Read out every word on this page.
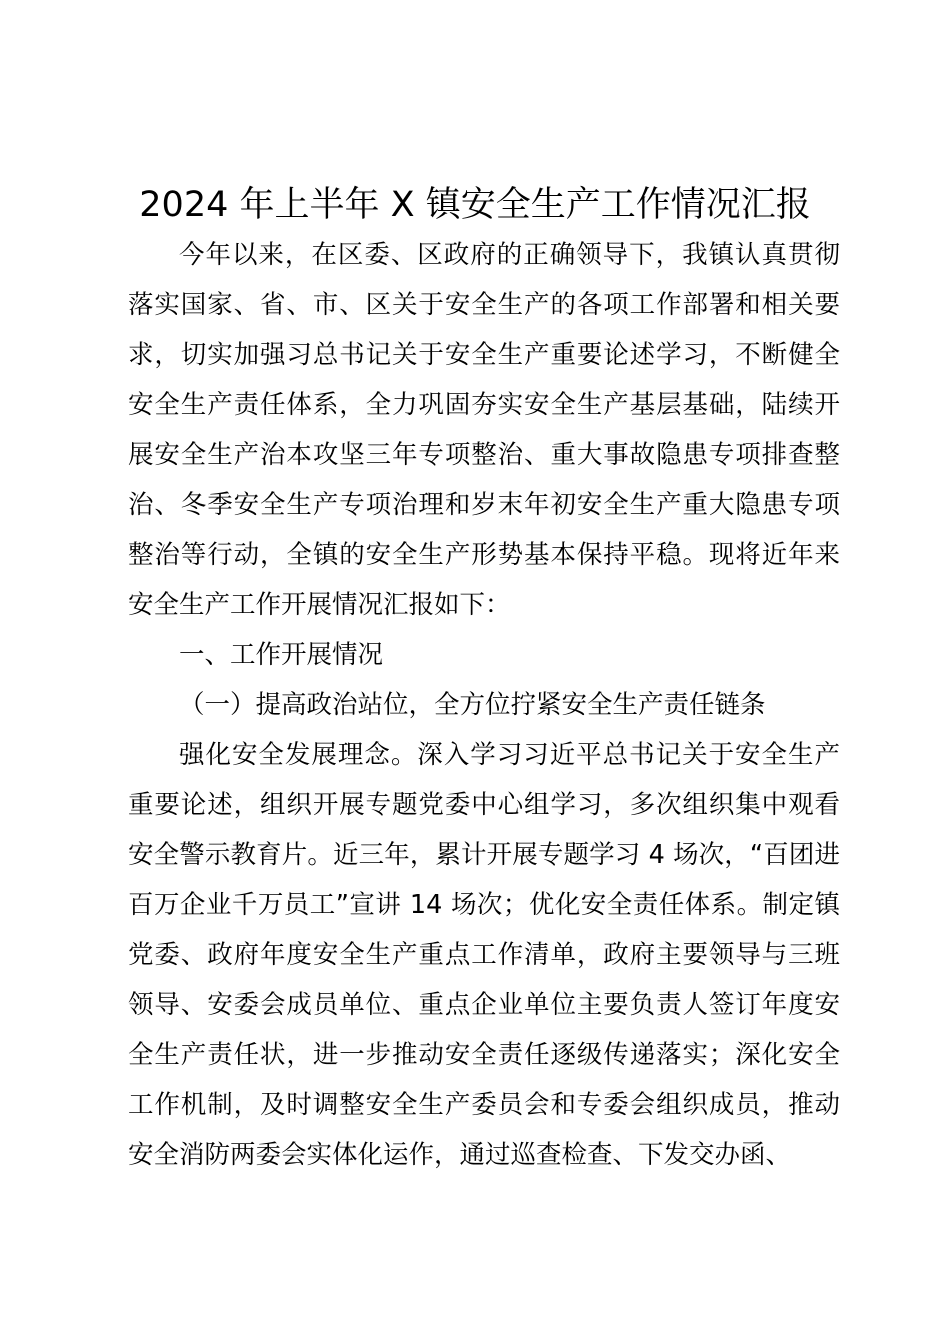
2024 年上半年 X 镇安全生产工作情况汇报

今年以来，在区委、区政府的正确领导下，我镇认真贯彻落实国家、省、市、区关于安全生产的各项工作部署和相关要求，切实加强习总书记关于安全生产重要论述学习，不断健全安全生产责任体系，全力巩固夯实安全生产基层基础，陆续开展安全生产治本攻坚三年专项整治、重大事故隐患专项排查整治、冬季安全生产专项治理和岁末年初安全生产重大隐患专项整治等行动，全镇的安全生产形势基本保持平稳。现将近年来安全生产工作开展情况汇报如下：

一、工作开展情况

（一）提高政治站位，全方位拧紧安全生产责任链条

强化安全发展理念。深入学习习近平总书记关于安全生产重要论述，组织开展专题党委中心组学习，多次组织集中观看安全警示教育片。近三年，累计开展专题学习 4 场次，“百团进百万企业千万员工”宣讲 14 场次；优化安全责任体系。制定镇党委、政府年度安全生产重点工作清单，政府主要领导与三班领导、安委会成员单位、重点企业单位主要负责人签订年度安全生产责任状，进一步推动安全责任逐级传递落实；深化安全工作机制，及时调整安全生产委员会和专委会组织成员，推动安全消防两委会实体化运作，通过巡查检查、下发交办函、
